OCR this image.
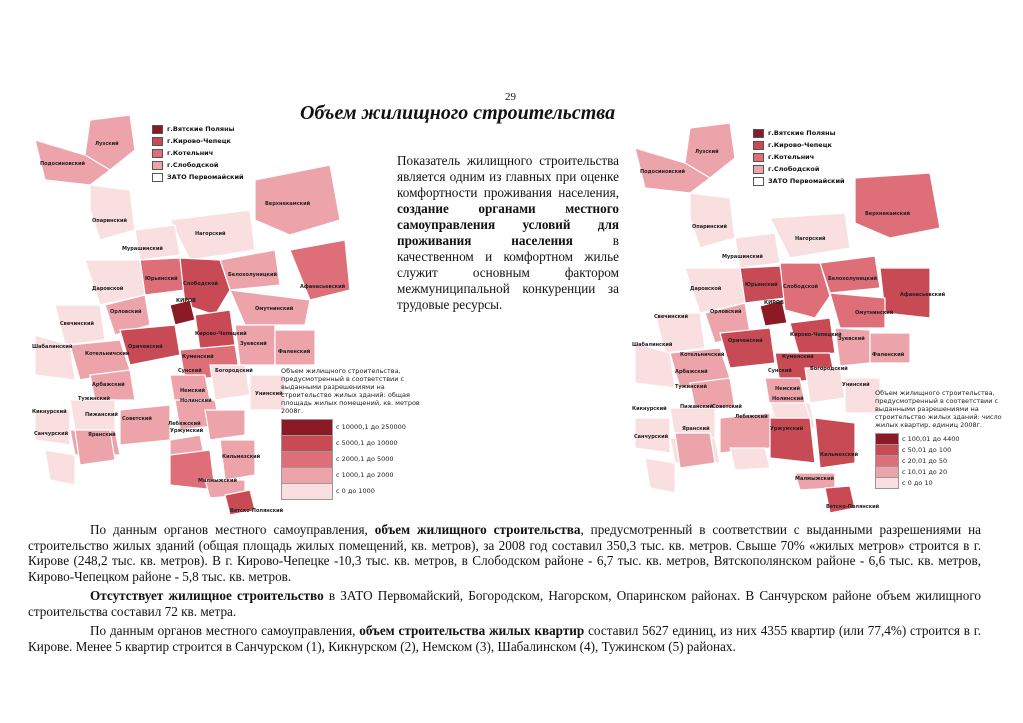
29
Объем жилищного строительства
Лузский
Подосиновский
Опаринский
Верхнекамский
Нагорский
Мурашинский
Белохолуницкий
Юрьянский
Слободской	Афанасьевский
Омутнинский
Даровской
КИРОВ
Свечинский
Орловский
Оричевский
Кирово-Чепецкий
Зуевский
Фаленский
Шабалинский
Котельничский	Куменский
Арбажский
Сунский	Богородский
Тужинский
Немский	Унинский
Пижанский
Советский
Лебяжский
Кикнурский
Яранский
Санчурский	Уржумский
Нолинский
Кильмезский
Малмыжский
Вятско-Полянский
г.Вятские Поляны
г.Кирово-Чепецк
г.Котельнич
г.Слободской
ЗАТО Первомайский
Объем жилищного строительства, предусмотренный в соответствии с выданными разрешениями на строительство жилых зданий: общая площадь жилых помещений, кв. метров 2008г.
с 10000,1 до 250000
с 5000,1 до 10000
с 2000,1 до 5000
с 1000,1 до 2000
с 0 до 1000

Показатель жилищного строительства является одним из главных при оценке комфортности проживания населения, создание органами местного самоуправления условий для проживания населения	в качественном и комфортном жилье служит основным фактором межмуниципальной конкуренции за трудовые ресурсы.

Лузский
Подосиновский
Опаринский
Верхнекамский
Нагорский
Мурашинский
Белохолуницкий
Юрьянский Слободской
Афанасьевский
Омутнинский
Даровской
КИРОВ
Свечинский
Орловский
Оричевский
Кирово-Чепецкий
Зуевский
Фаленский
Шабалинский
Котельничский	Куменский
Арбажский	Сунский	Богородский
Тужинский	Немский
Унинский
Пижанский Советский
Лебяжский
Кикнурский
Яранский
Санчурский
Уржумский
Нолинский
Кильмезский
Малмыжский
Вятско-Полянский
г.Вятские Поляны
г.Кирово-Чепецк
г.Котельнич
г.Слободской
ЗАТО Первомайский
Объем жилищного строительства, предусмотренный в соответствии с выданными разрешениями на строительство жилых зданий: число жилых квартир, единиц 2008г.
с 100,01 до 4400
с 50,01 до 100
с 20,01 до 50
с 10,01 до 20
с 0 до 10

По данным органов местного самоуправления, объем жилищного строительства, предусмотренный в соответствии с выданными разрешениями на строительство жилых зданий (общая площадь жилых помещений, кв. метров), за 2008 год составил 350,3 тыс. кв. метров. Свыше 70% «жилых метров» строится в г. Кирове (248,2 тыс. кв. метров). В г. Кирово-Чепецке -10,3 тыс. кв. метров, в Слободском районе - 6,7 тыс. кв. метров, Вятскополянском районе - 6,6 тыс. кв. метров, Кирово-Чепецком районе - 5,8 тыс. кв. метров.

Отсутствует жилищное строительство в ЗАТО Первомайский, Богородском, Нагорском, Опаринском районах. В Санчурском районе объем жилищного строительства составил 72 кв. метра.

По данным органов местного самоуправления, объем строительства жилых квартир составил 5627 единиц, из них 4355 квартир (или 77,4%) строится в г. Кирове. Менее 5 квартир строится в Санчурском (1), Кикнурском (2), Немском (3), Шабалинском (4), Тужинском (5) районах.
